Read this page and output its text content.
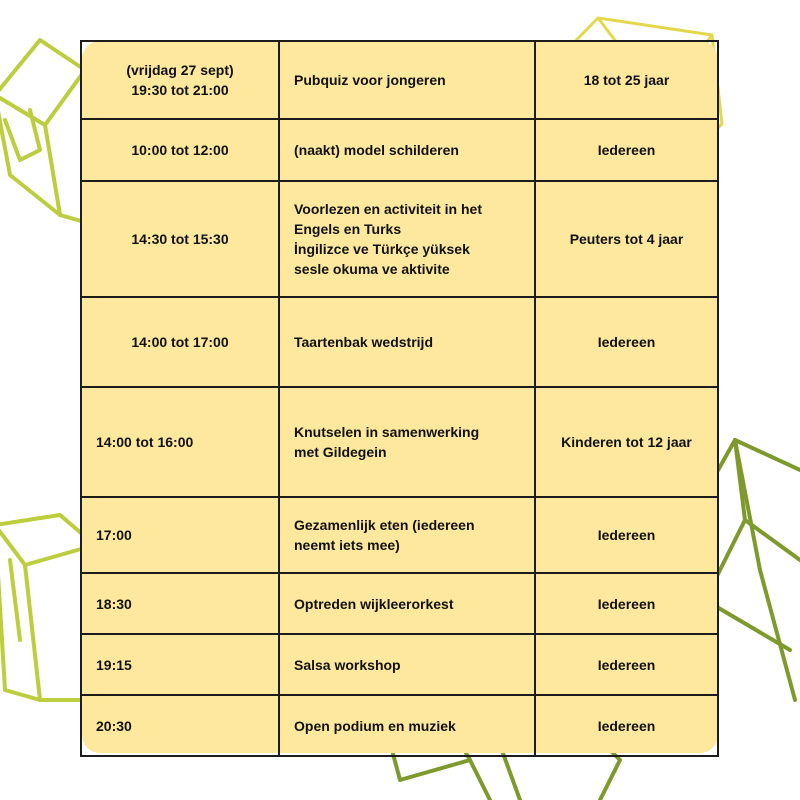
(vrijdag 27 sept)
19:30 tot 21:00	Pubquiz voor jongeren	18 tot 25 jaar

10:00 tot 12:00	(naakt) model schilderen	Iedereen

14:30 tot 15:30	Voorlezen en activiteit in het
Engels en Turks
İngilizce ve Türkçe yüksek
sesle okuma ve aktivite	Peuters tot 4 jaar

14:00 tot 17:00	Taartenbak wedstrijd	Iedereen

14:00 tot 16:00	Knutselen in samenwerking
met Gildegein	Kinderen tot 12 jaar

17:00	Gezamenlijk eten (iedereen
neemt iets mee)	Iedereen

18:30	Optreden wijkleerorkest	Iedereen

19:15	Salsa workshop	Iedereen

20:30	Open podium en muziek	Iedereen
